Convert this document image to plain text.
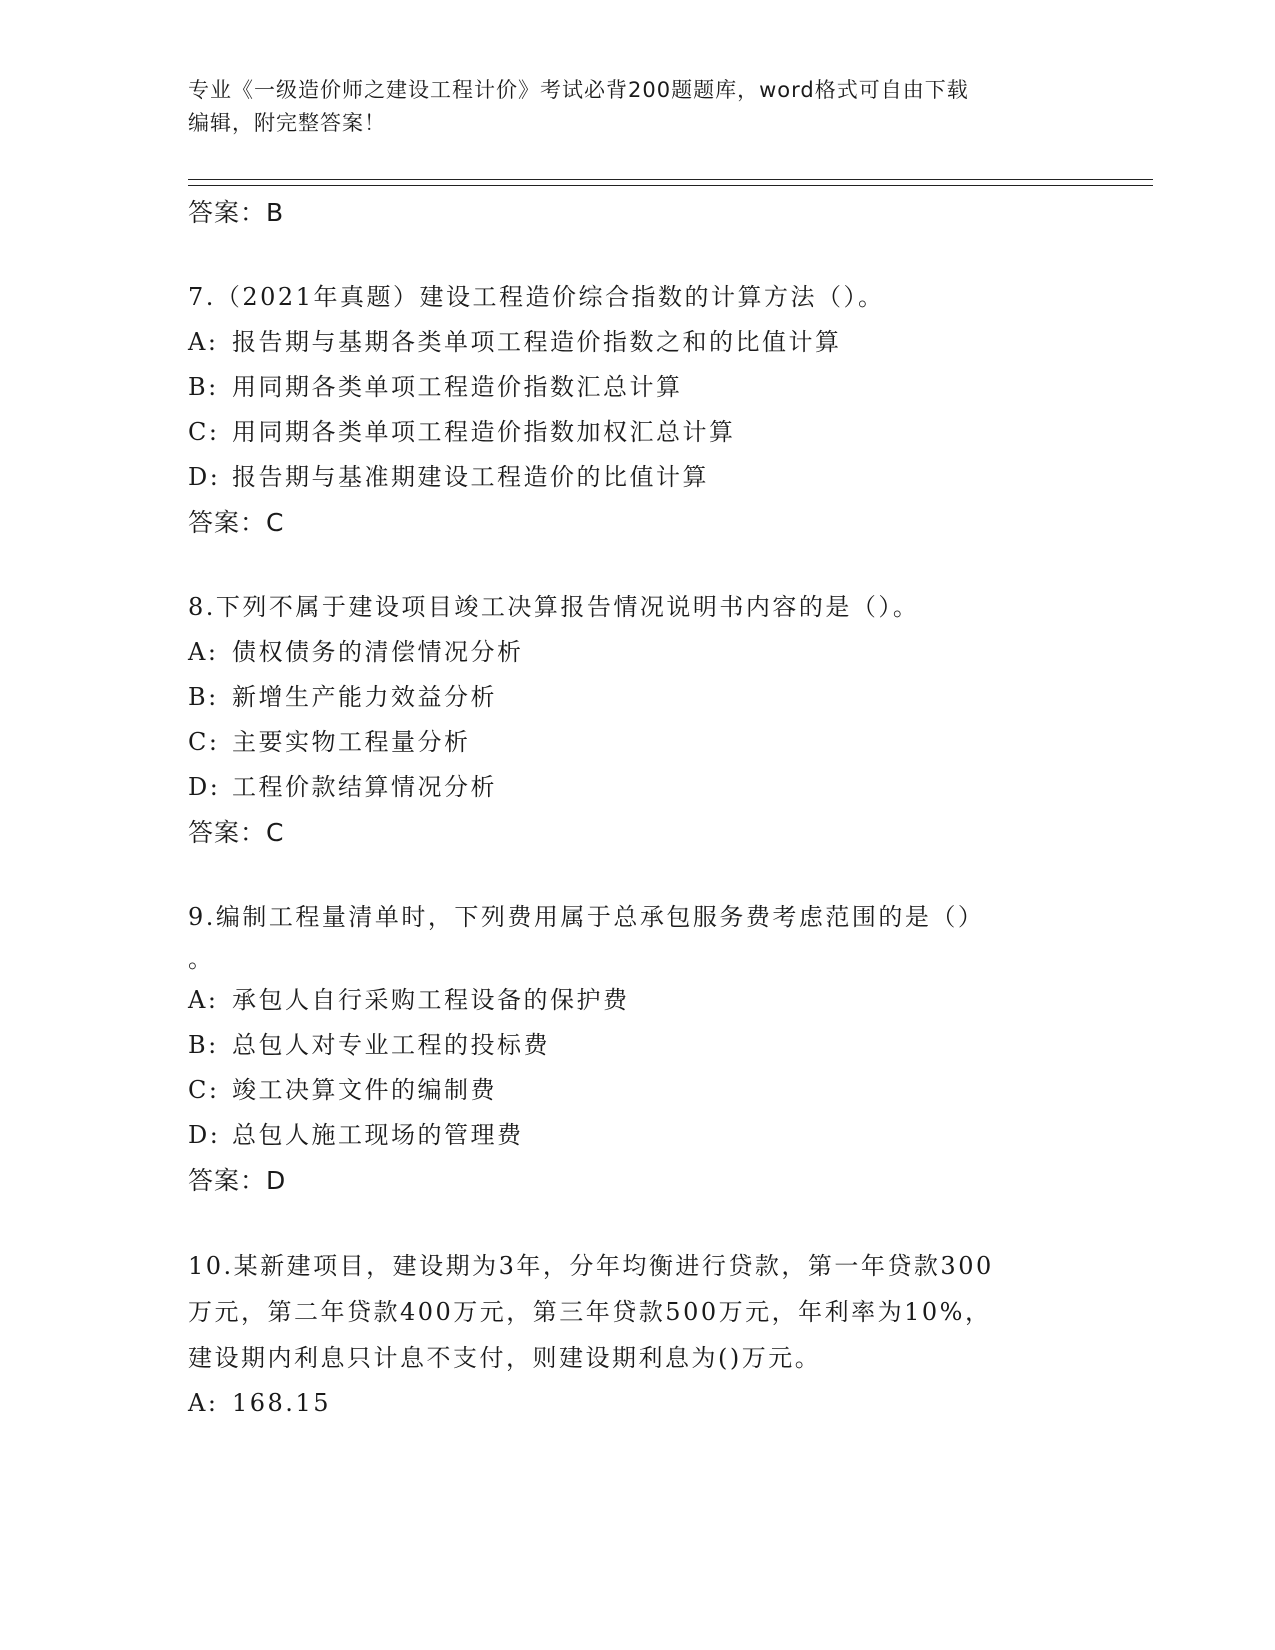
专业《一级造价师之建设工程计价》考试必背200题题库，word格式可自由下载
编辑，附完整答案！
答案：B
7.（2021年真题）建设工程造价综合指数的计算方法（）。
A: 报告期与基期各类单项工程造价指数之和的比值计算
B: 用同期各类单项工程造价指数汇总计算
C: 用同期各类单项工程造价指数加权汇总计算
D: 报告期与基准期建设工程造价的比值计算
答案：C
8.下列不属于建设项目竣工决算报告情况说明书内容的是（）。
A: 债权债务的清偿情况分析
B: 新增生产能力效益分析
C: 主要实物工程量分析
D: 工程价款结算情况分析
答案：C
9.编制工程量清单时，下列费用属于总承包服务费考虑范围的是（）
。
A: 承包人自行采购工程设备的保护费
B: 总包人对专业工程的投标费
C: 竣工决算文件的编制费
D: 总包人施工现场的管理费
答案：D
10.某新建项目，建设期为3年，分年均衡进行贷款，第一年贷款300
万元，第二年贷款400万元，第三年贷款500万元，年利率为10%，
建设期内利息只计息不支付，则建设期利息为()万元。
A: 168.15
